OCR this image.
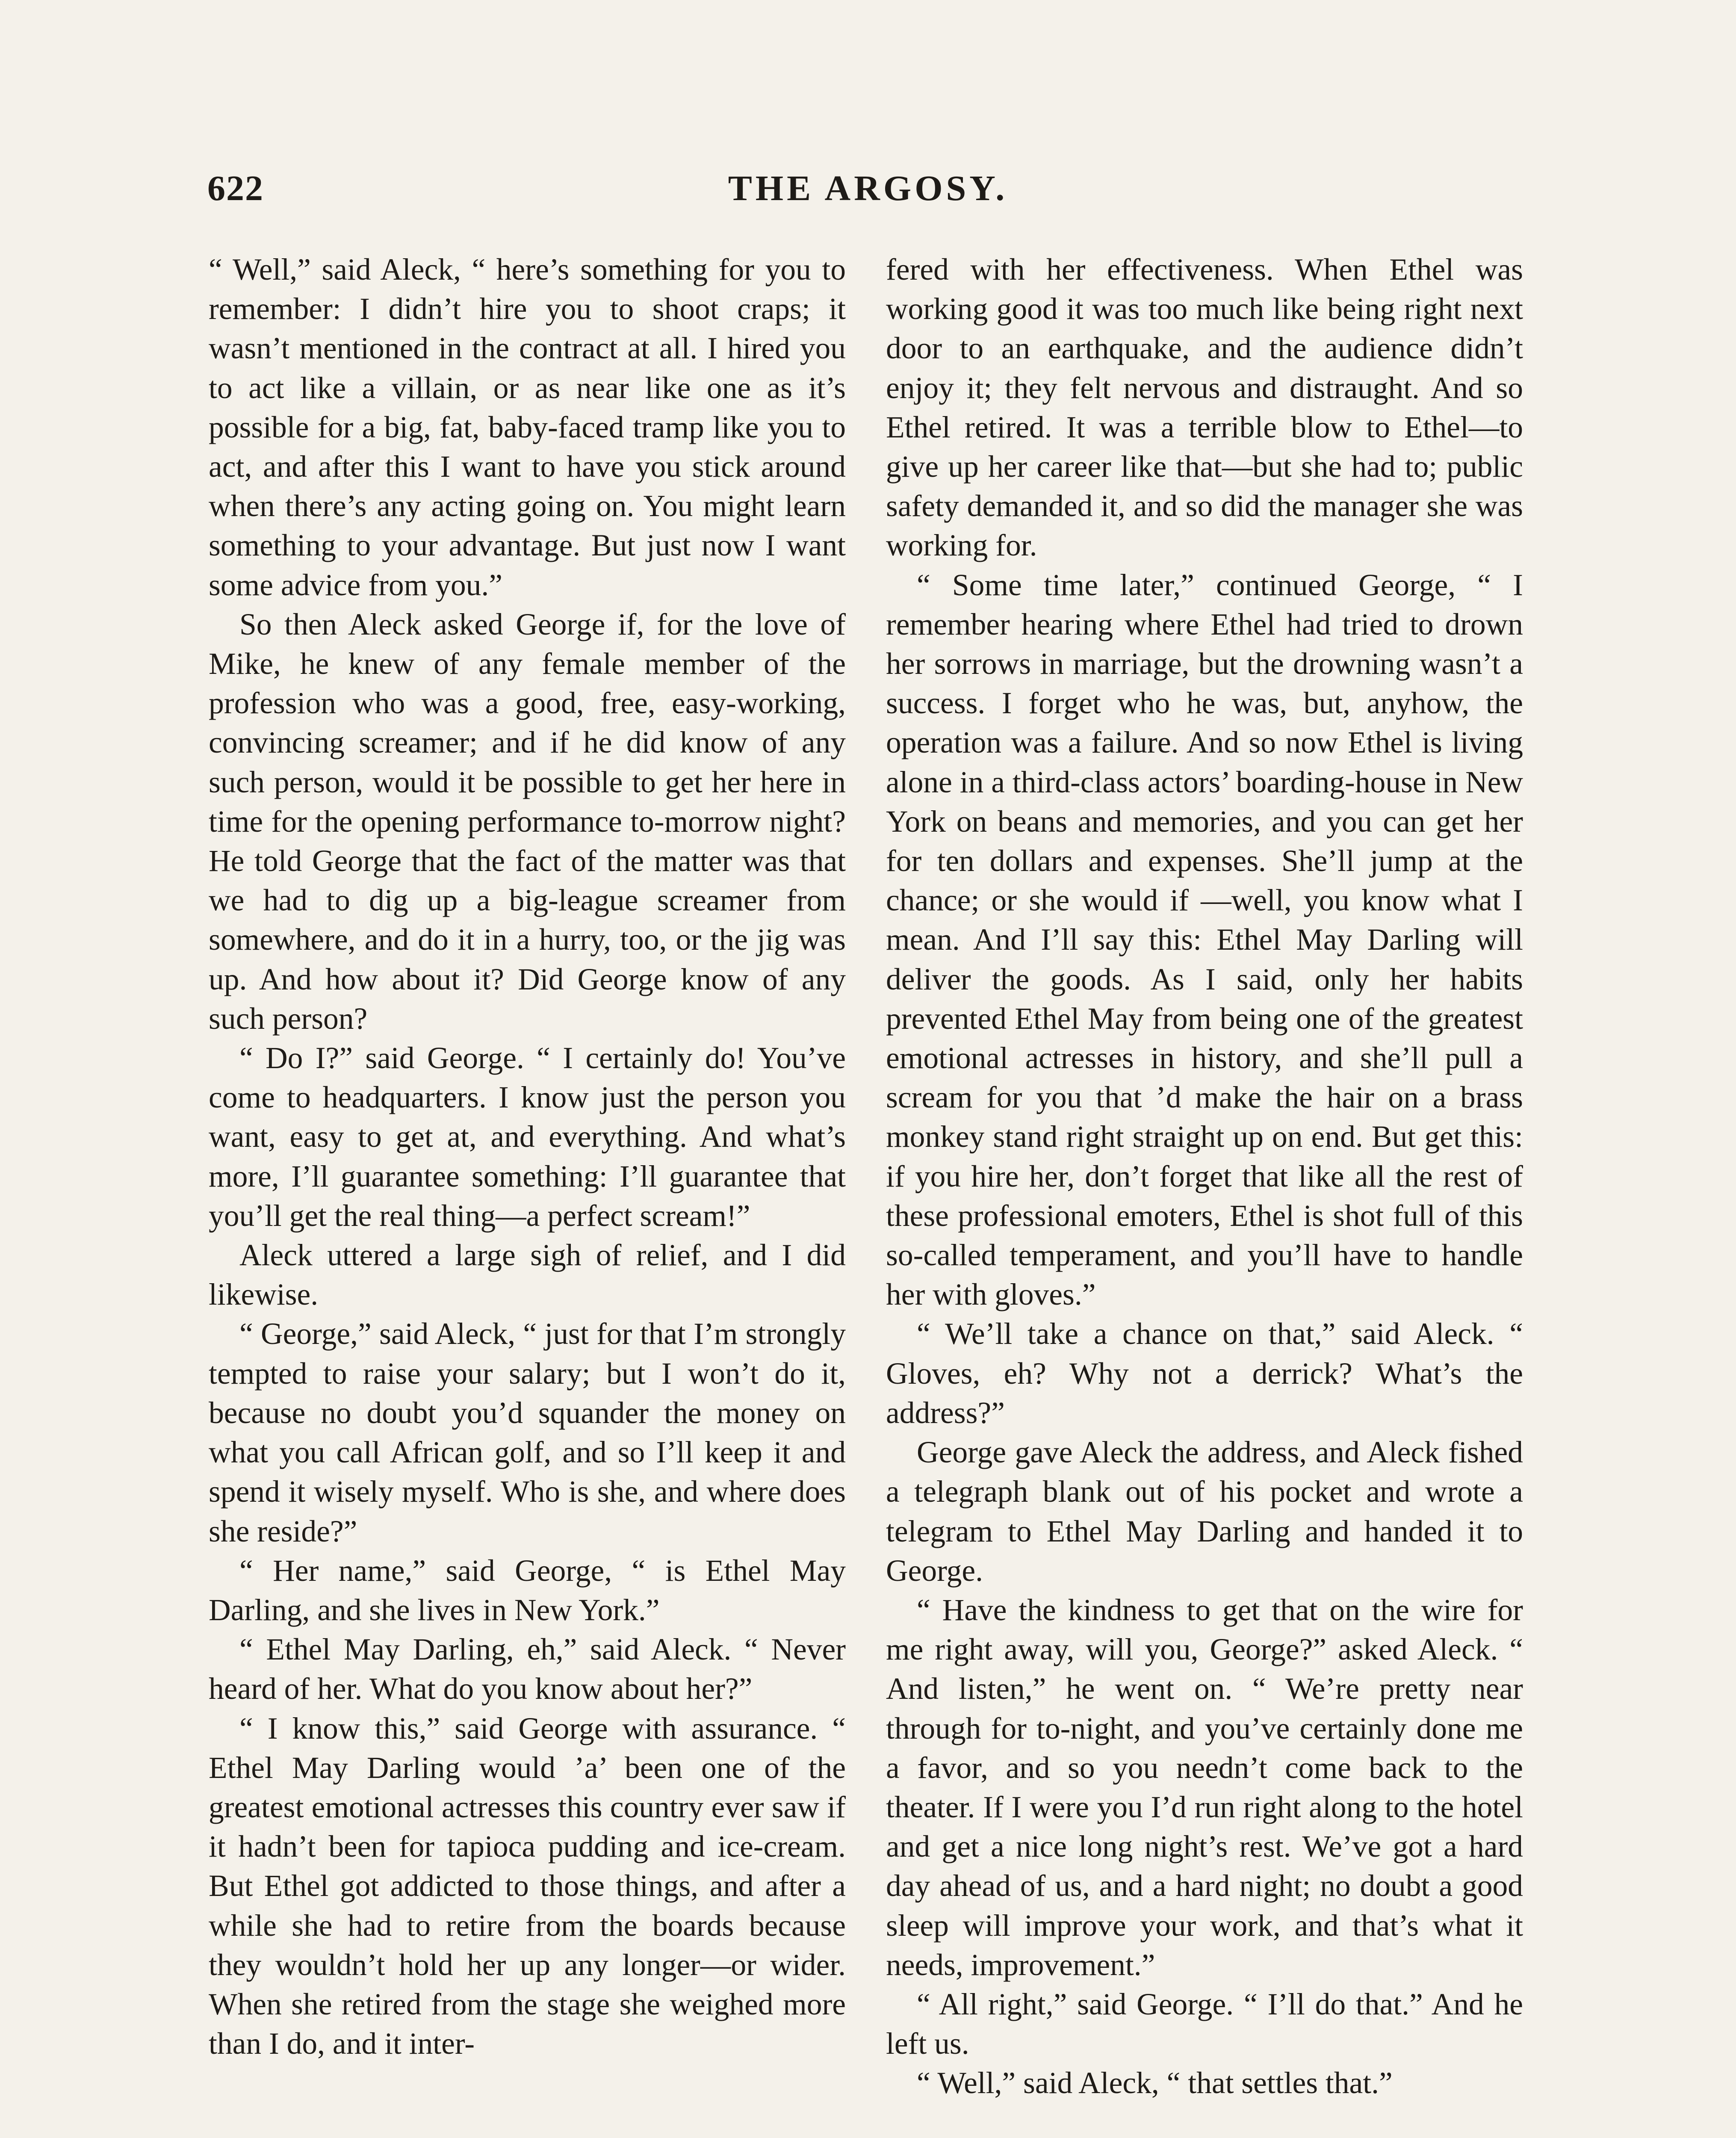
622	THE ARGOSY.

“ Well,” said Aleck, “ here’s something for you to remember: I didn’t hire you to shoot craps; it wasn’t mentioned in the contract at all. I hired you to act like a villain, or as near like one as it’s possible for a big, fat, baby-faced tramp like you to act, and after this I want to have you stick around when there’s any acting going on. You might learn something to your advantage. But just now I want some advice from you.”

So then Aleck asked George if, for the love of Mike, he knew of any female member of the profession who was a good, free, easy-working, convincing screamer; and if he did know of any such person, would it be possible to get her here in time for the opening performance to-morrow night? He told George that the fact of the matter was that we had to dig up a big-league screamer from somewhere, and do it in a hurry, too, or the jig was up. And how about it? Did George know of any such person?

“ Do I?” said George. “ I certainly do! You’ve come to headquarters. I know just the person you want, easy to get at, and everything. And what’s more, I’ll guarantee something: I’ll guarantee that you’ll get the real thing—a perfect scream!”

Aleck uttered a large sigh of relief, and I did likewise.

“ George,” said Aleck, “ just for that I’m strongly tempted to raise your salary; but I won’t do it, because no doubt you’d squander the money on what you call African golf, and so I’ll keep it and spend it wisely myself. Who is she, and where does she reside?”

“ Her name,” said George, “ is Ethel May Darling, and she lives in New York.”

“ Ethel May Darling, eh,” said Aleck. “ Never heard of her. What do you know about her?”

“ I know this,” said George with assurance. “ Ethel May Darling would ’a’ been one of the greatest emotional actresses this country ever saw if it hadn’t been for tapioca pudding and ice-cream. But Ethel got addicted to those things, and after a while she had to retire from the boards because they wouldn’t hold her up any longer—or wider. When she retired from the stage she weighed more than I do, and it inter-

fered with her effectiveness. When Ethel was working good it was too much like being right next door to an earthquake, and the audience didn’t enjoy it; they felt nervous and distraught. And so Ethel retired. It was a terrible blow to Ethel—to give up her career like that—but she had to; public safety demanded it, and so did the manager she was working for.

“ Some time later,” continued George, “ I remember hearing where Ethel had tried to drown her sorrows in marriage, but the drowning wasn’t a success. I forget who he was, but, anyhow, the operation was a failure. And so now Ethel is living alone in a third-class actors’ boarding-house in New York on beans and memories, and you can get her for ten dollars and expenses. She’ll jump at the chance; or she would if —well, you know what I mean. And I’ll say this: Ethel May Darling will deliver the goods. As I said, only her habits prevented Ethel May from being one of the greatest emotional actresses in history, and she’ll pull a scream for you that ’d make the hair on a brass monkey stand right straight up on end. But get this: if you hire her, don’t forget that like all the rest of these professional emoters, Ethel is shot full of this so-called temperament, and you’ll have to handle her with gloves.”

“ We’ll take a chance on that,” said Aleck. “ Gloves, eh? Why not a derrick? What’s the address?”

George gave Aleck the address, and Aleck fished a telegraph blank out of his pocket and wrote a telegram to Ethel May Darling and handed it to George.

“ Have the kindness to get that on the wire for me right away, will you, George?” asked Aleck. “ And listen,” he went on. “ We’re pretty near through for to-night, and you’ve certainly done me a favor, and so you needn’t come back to the theater. If I were you I’d run right along to the hotel and get a nice long night’s rest. We’ve got a hard day ahead of us, and a hard night; no doubt a good sleep will improve your work, and that’s what it needs, improvement.”

“ All right,” said George. “ I’ll do that.” And he left us.

“ Well,” said Aleck, “ that settles that.”
